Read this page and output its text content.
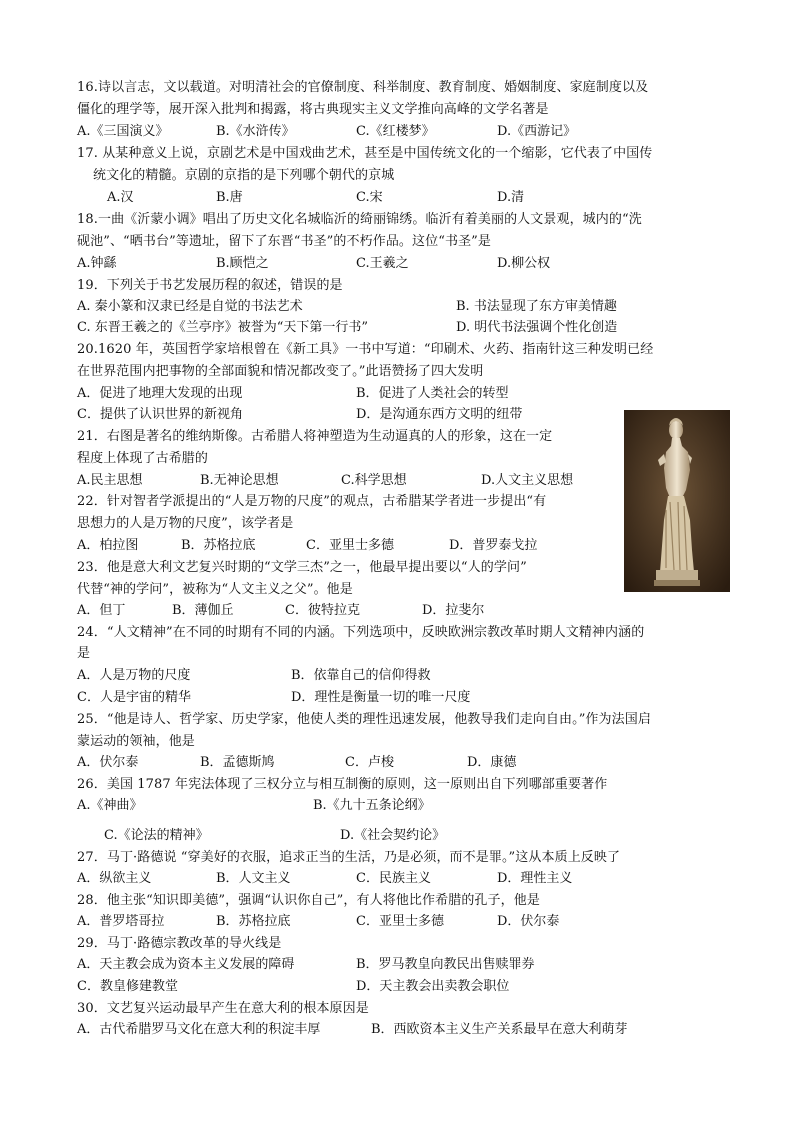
16.诗以言志，文以载道。对明清社会的官僚制度、科举制度、教育制度、婚姻制度、家庭制度以及
僵化的理学等，展开深入批判和揭露，将古典现实主义文学推向高峰的文学名著是
A.《三国演义》	B.《水浒传》	C.《红楼梦》	D.《西游记》
17. 从某种意义上说，京剧艺术是中国戏曲艺术，甚至是中国传统文化的一个缩影，它代表了中国传
统文化的精髓。京剧的京指的是下列哪个朝代的京城
A.汉	B.唐	C.宋	D.清
18.一曲《沂蒙小调》唱出了历史文化名城临沂的绮丽锦绣。临沂有着美丽的人文景观，城内的“洗
砚池”、“晒书台”等遗址，留下了东晋“书圣”的不朽作品。这位“书圣”是
A.钟繇	B.顾恺之	C.王羲之	D.柳公权
19．下列关于书艺发展历程的叙述，错误的是
A. 秦小篆和汉隶已经是自觉的书法艺术	B. 书法显现了东方审美情趣
C. 东晋王羲之的《兰亭序》被誉为“天下第一行书”	D. 明代书法强调个性化创造
20.1620 年，英国哲学家培根曾在《新工具》一书中写道：“印刷术、火药、指南针这三种发明已经
在世界范围内把事物的全部面貌和情况都改变了。”此语赞扬了四大发明
A．促进了地理大发现的出现	B．促进了人类社会的转型
C．提供了认识世界的新视角	D．是沟通东西方文明的纽带
21．右图是著名的维纳斯像。古希腊人将神塑造为生动逼真的人的形象，这在一定
程度上体现了古希腊的
A.民主思想	B.无神论思想	C.科学思想	D.人文主义思想
22．针对智者学派提出的“人是万物的尺度”的观点，古希腊某学者进一步提出“有
思想力的人是万物的尺度”，该学者是
A．柏拉图	B．苏格拉底	C．亚里士多德	D．普罗泰戈拉
23．他是意大利文艺复兴时期的“文学三杰”之一，他最早提出要以“人的学问”
代替“神的学问”，被称为“人文主义之父”。他是
A．但丁	B．薄伽丘	C．彼特拉克	D．拉斐尔
24．“人文精神”在不同的时期有不同的内涵。下列选项中，反映欧洲宗教改革时期人文精神内涵的
是
A．人是万物的尺度	B．依靠自己的信仰得救
C．人是宇宙的精华	D．理性是衡量一切的唯一尺度
25．“他是诗人、哲学家、历史学家，他使人类的理性迅速发展，他教导我们走向自由。”作为法国启
蒙运动的领袖，他是
A．伏尔泰	B．孟德斯鸠	C．卢梭	D．康德
26．美国 1787 年宪法体现了三权分立与相互制衡的原则，这一原则出自下列哪部重要著作
A.《神曲》	B.《九十五条论纲》
C.《论法的精神》	D.《社会契约论》
27．马丁·路德说 “穿美好的衣服，追求正当的生活，乃是必须，而不是罪。”这从本质上反映了
A．纵欲主义	B．人文主义	C．民族主义	D．理性主义
28．他主张“知识即美德”，强调“认识你自己”，有人将他比作希腊的孔子，他是
A．普罗塔哥拉	B．苏格拉底	C．亚里士多德	D．伏尔泰
29．马丁·路德宗教改革的导火线是
A．天主教会成为资本主义发展的障碍	B．罗马教皇向教民出售赎罪券
C．教皇修建教堂	D．天主教会出卖教会职位
30．文艺复兴运动最早产生在意大利的根本原因是
A．古代希腊罗马文化在意大利的积淀丰厚	B．西欧资本主义生产关系最早在意大利萌芽
